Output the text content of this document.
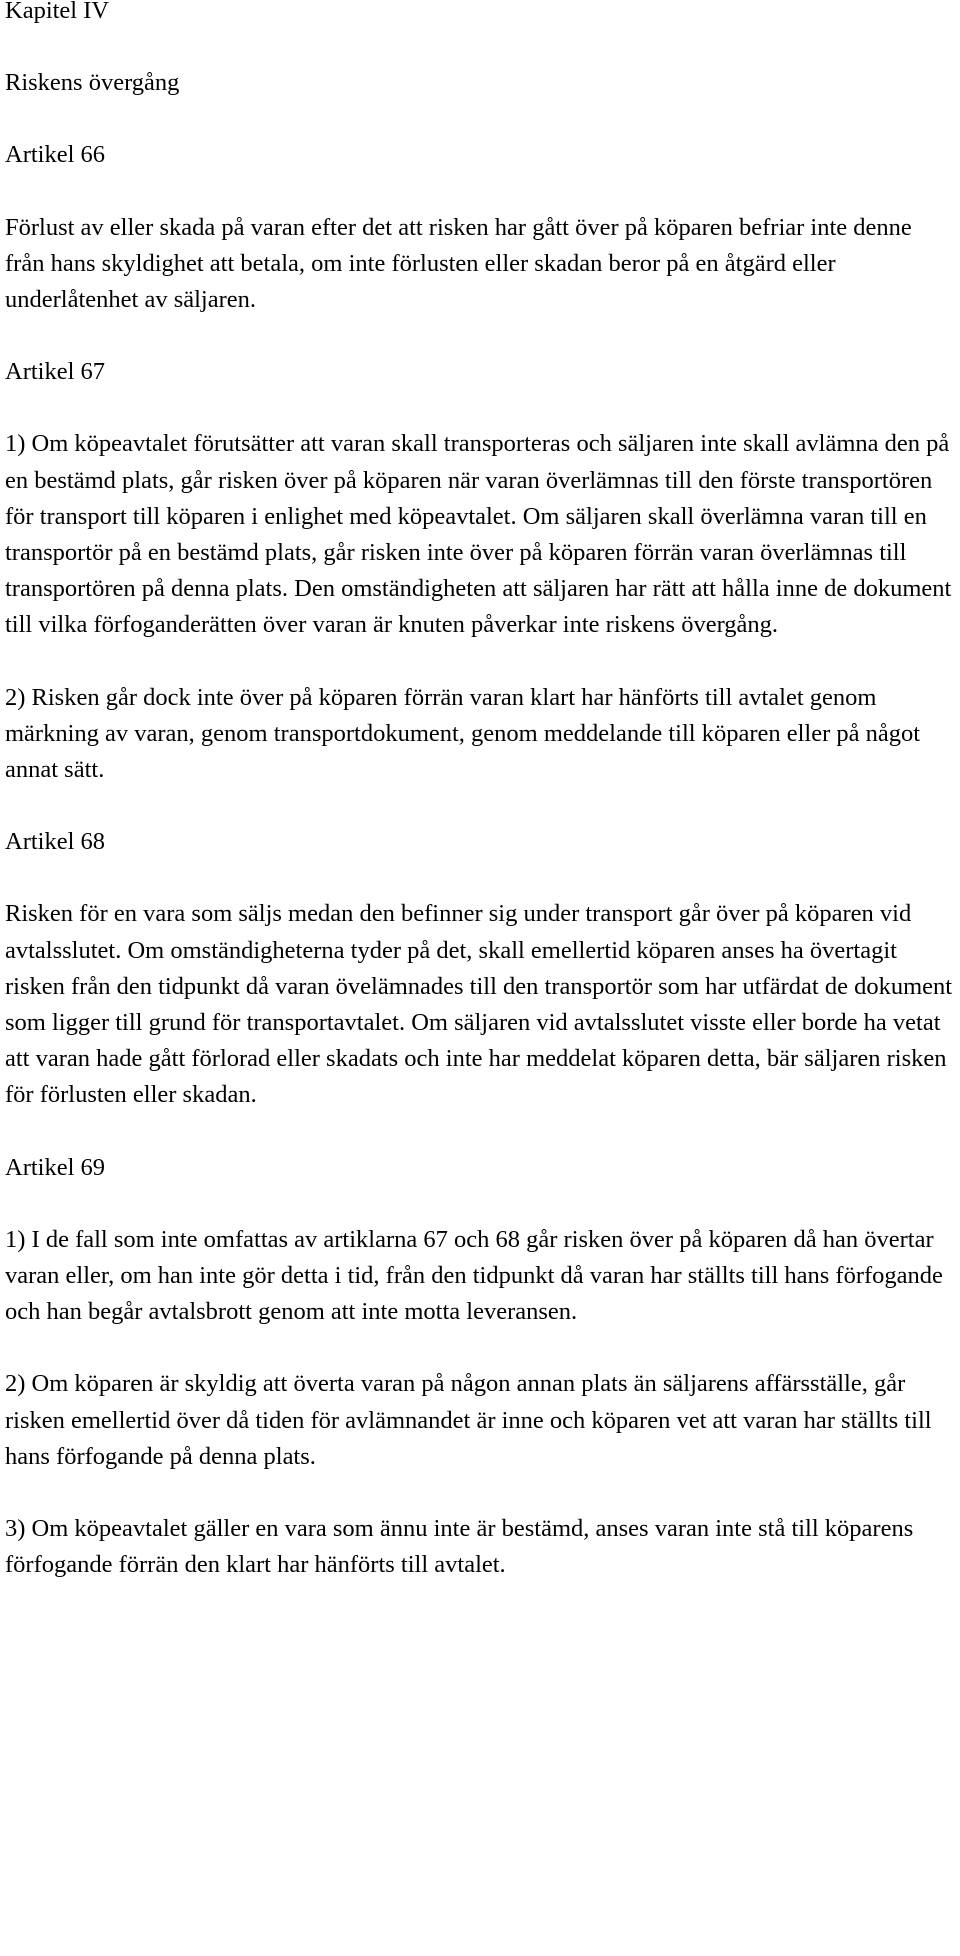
Kapitel IV

Riskens övergång

Artikel 66

Förlust av eller skada på varan efter det att risken har gått över på köparen befriar inte denne från hans skyldighet att betala, om inte förlusten eller skadan beror på en åtgärd eller underlåtenhet av säljaren.

Artikel 67

1) Om köpeavtalet förutsätter att varan skall transporteras och säljaren inte skall avlämna den på en bestämd plats, går risken över på köparen när varan överlämnas till den förste transportören för transport till köparen i enlighet med köpeavtalet. Om säljaren skall överlämna varan till en transportör på en bestämd plats, går risken inte över på köparen förrän varan överlämnas till transportören på denna plats. Den omständigheten att säljaren har rätt att hålla inne de dokument till vilka förfoganderätten över varan är knuten påverkar inte riskens övergång.

2) Risken går dock inte över på köparen förrän varan klart har hänförts till avtalet genom märkning av varan, genom transportdokument, genom meddelande till köparen eller på något annat sätt.

Artikel 68

Risken för en vara som säljs medan den befinner sig under transport går över på köparen vid avtalsslutet. Om omständigheterna tyder på det, skall emellertid köparen anses ha övertagit risken från den tidpunkt då varan övelämnades till den transportör som har utfärdat de dokument som ligger till grund för transportavtalet. Om säljaren vid avtalsslutet visste eller borde ha vetat att varan hade gått förlorad eller skadats och inte har meddelat köparen detta, bär säljaren risken för förlusten eller skadan.

Artikel 69

1) I de fall som inte omfattas av artiklarna 67 och 68 går risken över på köparen då han övertar varan eller, om han inte gör detta i tid, från den tidpunkt då varan har ställts till hans förfogande och han begår avtalsbrott genom att inte motta leveransen.

2) Om köparen är skyldig att överta varan på någon annan plats än säljarens affärsställe, går risken emellertid över då tiden för avlämnandet är inne och köparen vet att varan har ställts till hans förfogande på denna plats.

3) Om köpeavtalet gäller en vara som ännu inte är bestämd, anses varan inte stå till köparens förfogande förrän den klart har hänförts till avtalet.
